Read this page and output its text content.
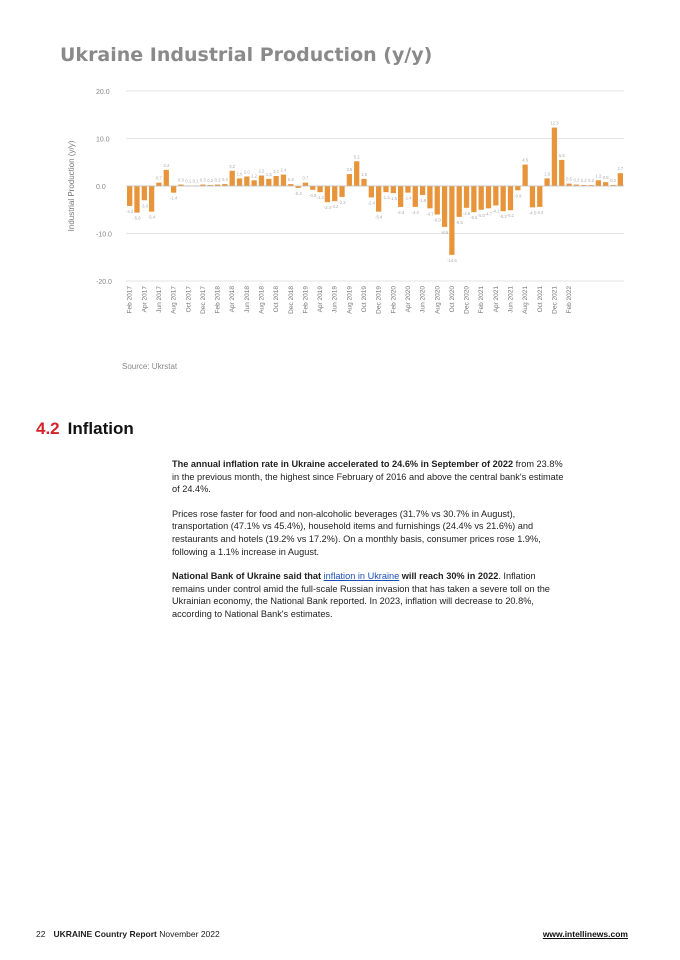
Ukraine Industrial Production (y/y)
20.0
10.0
0.0
-10.0
-20.0
Industrial Production (y/y)	-4.2
-5.6
-3.0
-5.4
0.7
3.4
-1.4
0.3 0.1 0.1 0.3 0.2 0.3 0.4
3.2
1.6 2.0
1.2
2.2
1.5
2.1 2.4
0.4
-0.4
0.7
-0.8 -1.3
-3.4 -3.2
-2.3
2.5
5.2
1.5
-2.4
-5.4
-1.3 -1.5
-4.4
-1.4
-4.4
-1.9
-4.7
-6.0
-8.6
-14.5
-6.5
-4.6
-5.5 -5.0 -4.7
-4.1
-5.3 -5.1
-0.9
4.5
-4.5 -4.4
1.6
12.3
5.5
0.5 0.3 0.2 0.2
1.2 0.8
0.2
2.7
Feb 2017 Apr 2017 Jun 2017 Aug 2017 Oct 2017 Dec 2017 Feb 2018 Apr 2018 Jun 2018 Aug 2018 Oct 2018 Dec 2018 Feb 2019 Apr 2019 Jun 2019 Aug 2019 Oct 2019 Dec 2019 Feb 2020 Apr 2020 Jun 2020 Aug 2020 Oct 2020 Dec 2020 Feb 2021 Apr 2021 Jun 2021 Aug 2021 Oct 2021 Dec 2021 Feb 2022
Source: Ukrstat
4.2 Inflation

The annual inflation rate in Ukraine accelerated to 24.6% in September of 2022 from 23.8% in the previous month, the highest since February of 2016 and above the central bank's estimate of 24.4%.

Prices rose faster for food and non-alcoholic beverages (31.7% vs 30.7% in August), transportation (47.1% vs 45.4%), household items and furnishings (24.4% vs 21.6%) and restaurants and hotels (19.2% vs 17.2%). On a monthly basis, consumer prices rose 1.9%, following a 1.1% increase in August.

National Bank of Ukraine said that inflation in Ukraine will reach 30% in 2022. Inflation remains under control amid the full-scale Russian invasion that has taken a severe toll on the Ukrainian economy, the National Bank reported. In 2023, inflation will decrease to 20.8%, according to National Bank's estimates.

22 UKRAINE Country Report November 2022	www.intellinews.com
